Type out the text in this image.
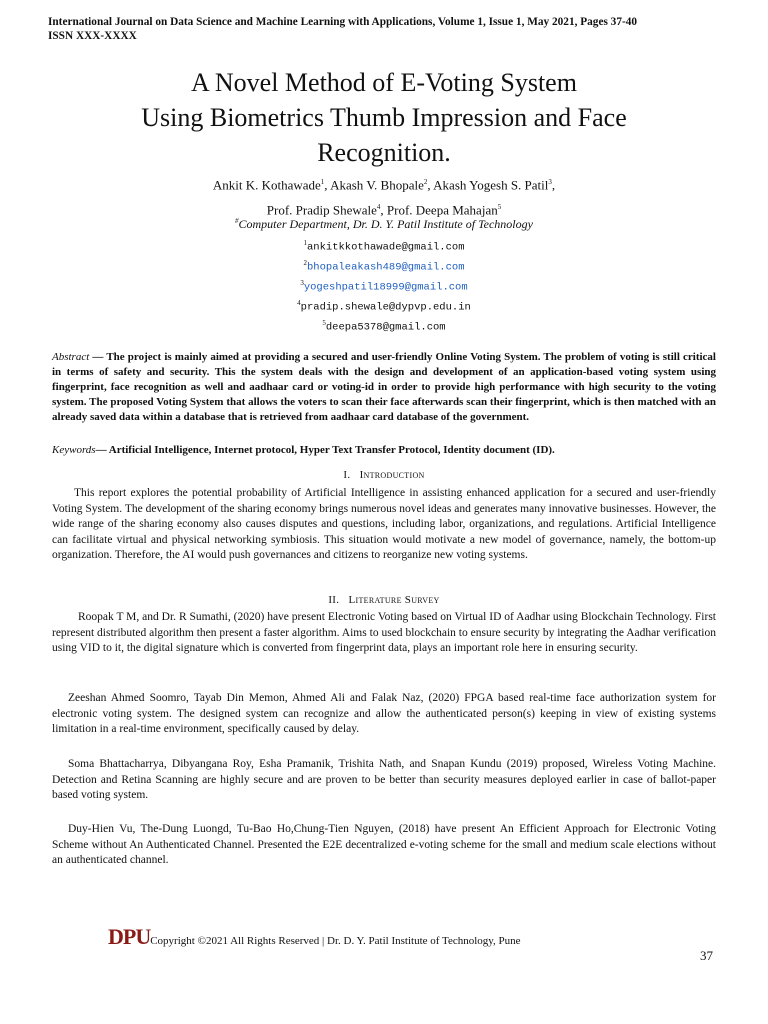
International Journal on Data Science and Machine Learning with Applications, Volume 1, Issue 1, May 2021, Pages 37-40
ISSN XXX-XXXX
A Novel Method of E-Voting System
Using Biometrics Thumb Impression and Face
Recognition.
Ankit K. Kothawade$^1$, Akash V. Bhopale$^2$, Akash Yogesh S. Patil$^3$,
Prof. Pradip Shewale$^4$, Prof. Deepa Mahajan$^5$
#Computer Department, Dr. D. Y. Patil Institute of Technology
$^1$ankitkkothawade@gmail.com
$^2$bhopaleakash489@gmail.com
$^3$yogeshpatil18999@gmail.com
$^4$pradip.shewale@dypvp.edu.in
$^5$deepa5378@gmail.com
Abstract — The project is mainly aimed at providing a secured and user-friendly Online Voting System. The problem of voting is still critical in terms of safety and security. This the system deals with the design and development of an application-based voting system using fingerprint, face recognition as well and aadhaar card or voting-id in order to provide high performance with high security to the voting system. The proposed Voting System that allows the voters to scan their face afterwards scan their fingerprint, which is then matched with an already saved data within a database that is retrieved from aadhaar card database of the government.
Keywords— Artificial Intelligence, Internet protocol, Hyper Text Transfer Protocol, Identity document (ID).
I. Introduction
This report explores the potential probability of Artificial Intelligence in assisting enhanced application for a secured and user-friendly Voting System. The development of the sharing economy brings numerous novel ideas and generates many innovative businesses. However, the wide range of the sharing economy also causes disputes and questions, including labor, organizations, and regulations. Artificial Intelligence can facilitate virtual and physical networking symbiosis. This situation would motivate a new model of governance, namely, the bottom-up organization. Therefore, the AI would push governances and citizens to reorganize new voting systems.
II. Literature Survey
Roopak T M, and Dr. R Sumathi, (2020) have present Electronic Voting based on Virtual ID of Aadhar using Blockchain Technology. First represent distributed algorithm then present a faster algorithm. Aims to used blockchain to ensure security by integrating the Aadhar verification using VID to it, the digital signature which is converted from fingerprint data, plays an important role here in ensuring security.
Zeeshan Ahmed Soomro, Tayab Din Memon, Ahmed Ali and Falak Naz, (2020) FPGA based real-time face authorization system for electronic voting system. The designed system can recognize and allow the authenticated person(s) keeping in view of existing systems limitation in a real-time environment, specifically caused by delay.
Soma Bhattacharrya, Dibyangana Roy, Esha Pramanik, Trishita Nath, and Snapan Kundu (2019) proposed, Wireless Voting Machine. Detection and Retina Scanning are highly secure and are proven to be better than security measures deployed earlier in case of ballot-paper based voting system.
Duy-Hien Vu, The-Dung Luongd, Tu-Bao Ho,Chung-Tien Nguyen, (2018) have present An Efficient Approach for Electronic Voting Scheme without An Authenticated Channel. Presented the E2E decentralized e-voting scheme for the small and medium scale elections without an authenticated channel.
DPUCopyright ©2021 All Rights Reserved | Dr. D. Y. Patil Institute of Technology, Pune
37
